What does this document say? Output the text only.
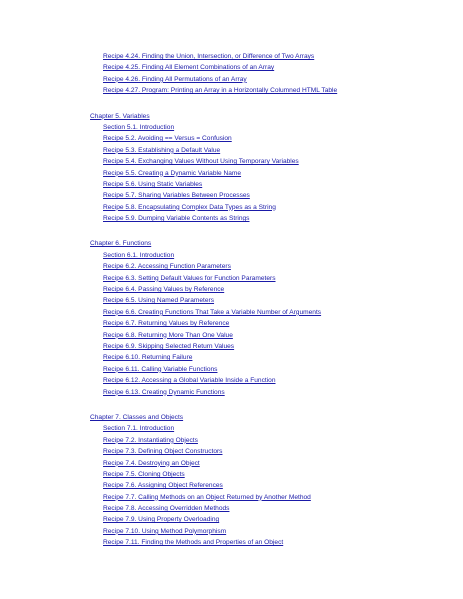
Recipe 4.24. Finding the Union, Intersection, or Difference of Two Arrays
Recipe 4.25. Finding All Element Combinations of an Array
Recipe 4.26. Finding All Permutations of an Array
Recipe 4.27. Program: Printing an Array in a Horizontally Columned HTML Table
Chapter 5. Variables
Section 5.1. Introduction
Recipe 5.2. Avoiding == Versus = Confusion
Recipe 5.3. Establishing a Default Value
Recipe 5.4. Exchanging Values Without Using Temporary Variables
Recipe 5.5. Creating a Dynamic Variable Name
Recipe 5.6. Using Static Variables
Recipe 5.7. Sharing Variables Between Processes
Recipe 5.8. Encapsulating Complex Data Types as a String
Recipe 5.9. Dumping Variable Contents as Strings
Chapter 6. Functions
Section 6.1. Introduction
Recipe 6.2. Accessing Function Parameters
Recipe 6.3. Setting Default Values for Function Parameters
Recipe 6.4. Passing Values by Reference
Recipe 6.5. Using Named Parameters
Recipe 6.6. Creating Functions That Take a Variable Number of Arguments
Recipe 6.7. Returning Values by Reference
Recipe 6.8. Returning More Than One Value
Recipe 6.9. Skipping Selected Return Values
Recipe 6.10. Returning Failure
Recipe 6.11. Calling Variable Functions
Recipe 6.12. Accessing a Global Variable Inside a Function
Recipe 6.13. Creating Dynamic Functions
Chapter 7. Classes and Objects
Section 7.1. Introduction
Recipe 7.2. Instantiating Objects
Recipe 7.3. Defining Object Constructors
Recipe 7.4. Destroying an Object
Recipe 7.5. Cloning Objects
Recipe 7.6. Assigning Object References
Recipe 7.7. Calling Methods on an Object Returned by Another Method
Recipe 7.8. Accessing Overridden Methods
Recipe 7.9. Using Property Overloading
Recipe 7.10. Using Method Polymorphism
Recipe 7.11. Finding the Methods and Properties of an Object
